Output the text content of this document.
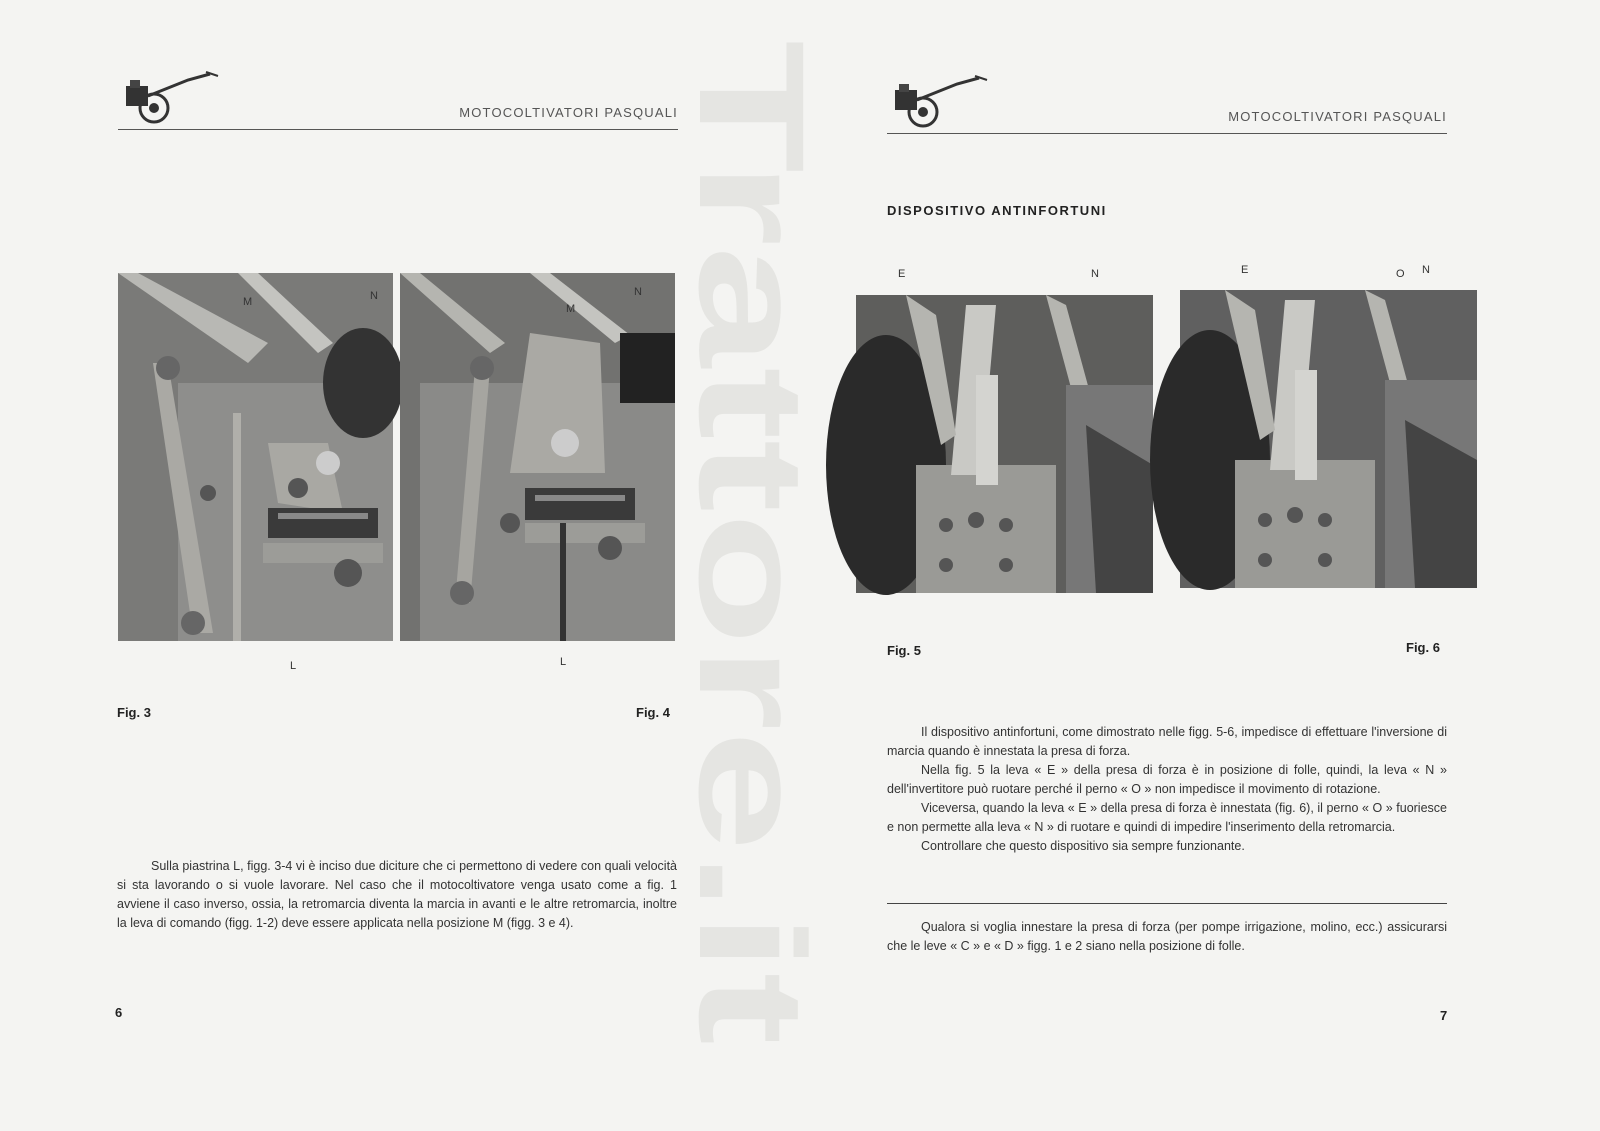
MOTOCOLTIVATORI PASQUALI
M	N
L
M
N
L
Fig. 3	Fig. 4

Sulla piastrina L, figg. 3-4 vi è inciso due diciture che ci permettono di vedere con quali velocità si sta lavorando o si vuole lavorare. Nel caso che il motocoltivatore venga usato come a fig. 1 avviene il caso inverso, ossia, la retromarcia diventa la marcia in avanti e le altre retromarcia, inoltre la leva di comando (figg. 1-2) deve essere applicata nella posizione M (figg. 3 e 4).

6
MOTOCOLTIVATORI PASQUALI
DISPOSITIVO ANTINFORTUNI
E	N	E	O N
Fig. 5	Fig. 6

Il dispositivo antinfortuni, come dimostrato nelle figg. 5-6, impedisce di effettuare l'inversione di marcia quando è innestata la presa di forza.

Nella fig. 5 la leva « E » della presa di forza è in posizione di folle, quindi, la leva « N » dell'invertitore può ruotare perché il perno « O » non impedisce il movimento di rotazione.

Viceversa, quando la leva « E » della presa di forza è innestata (fig. 6), il perno « O » fuoriesce e non permette alla leva « N » di ruotare e quindi di impedire l'inserimento della retromarcia.

Controllare che questo dispositivo sia sempre funzionante.

Qualora si voglia innestare la presa di forza (per pompe irrigazione, molino, ecc.) assicurarsi che le leve « C » e « D » figg. 1 e 2 siano nella posizione di folle.

7
Trattore.it
